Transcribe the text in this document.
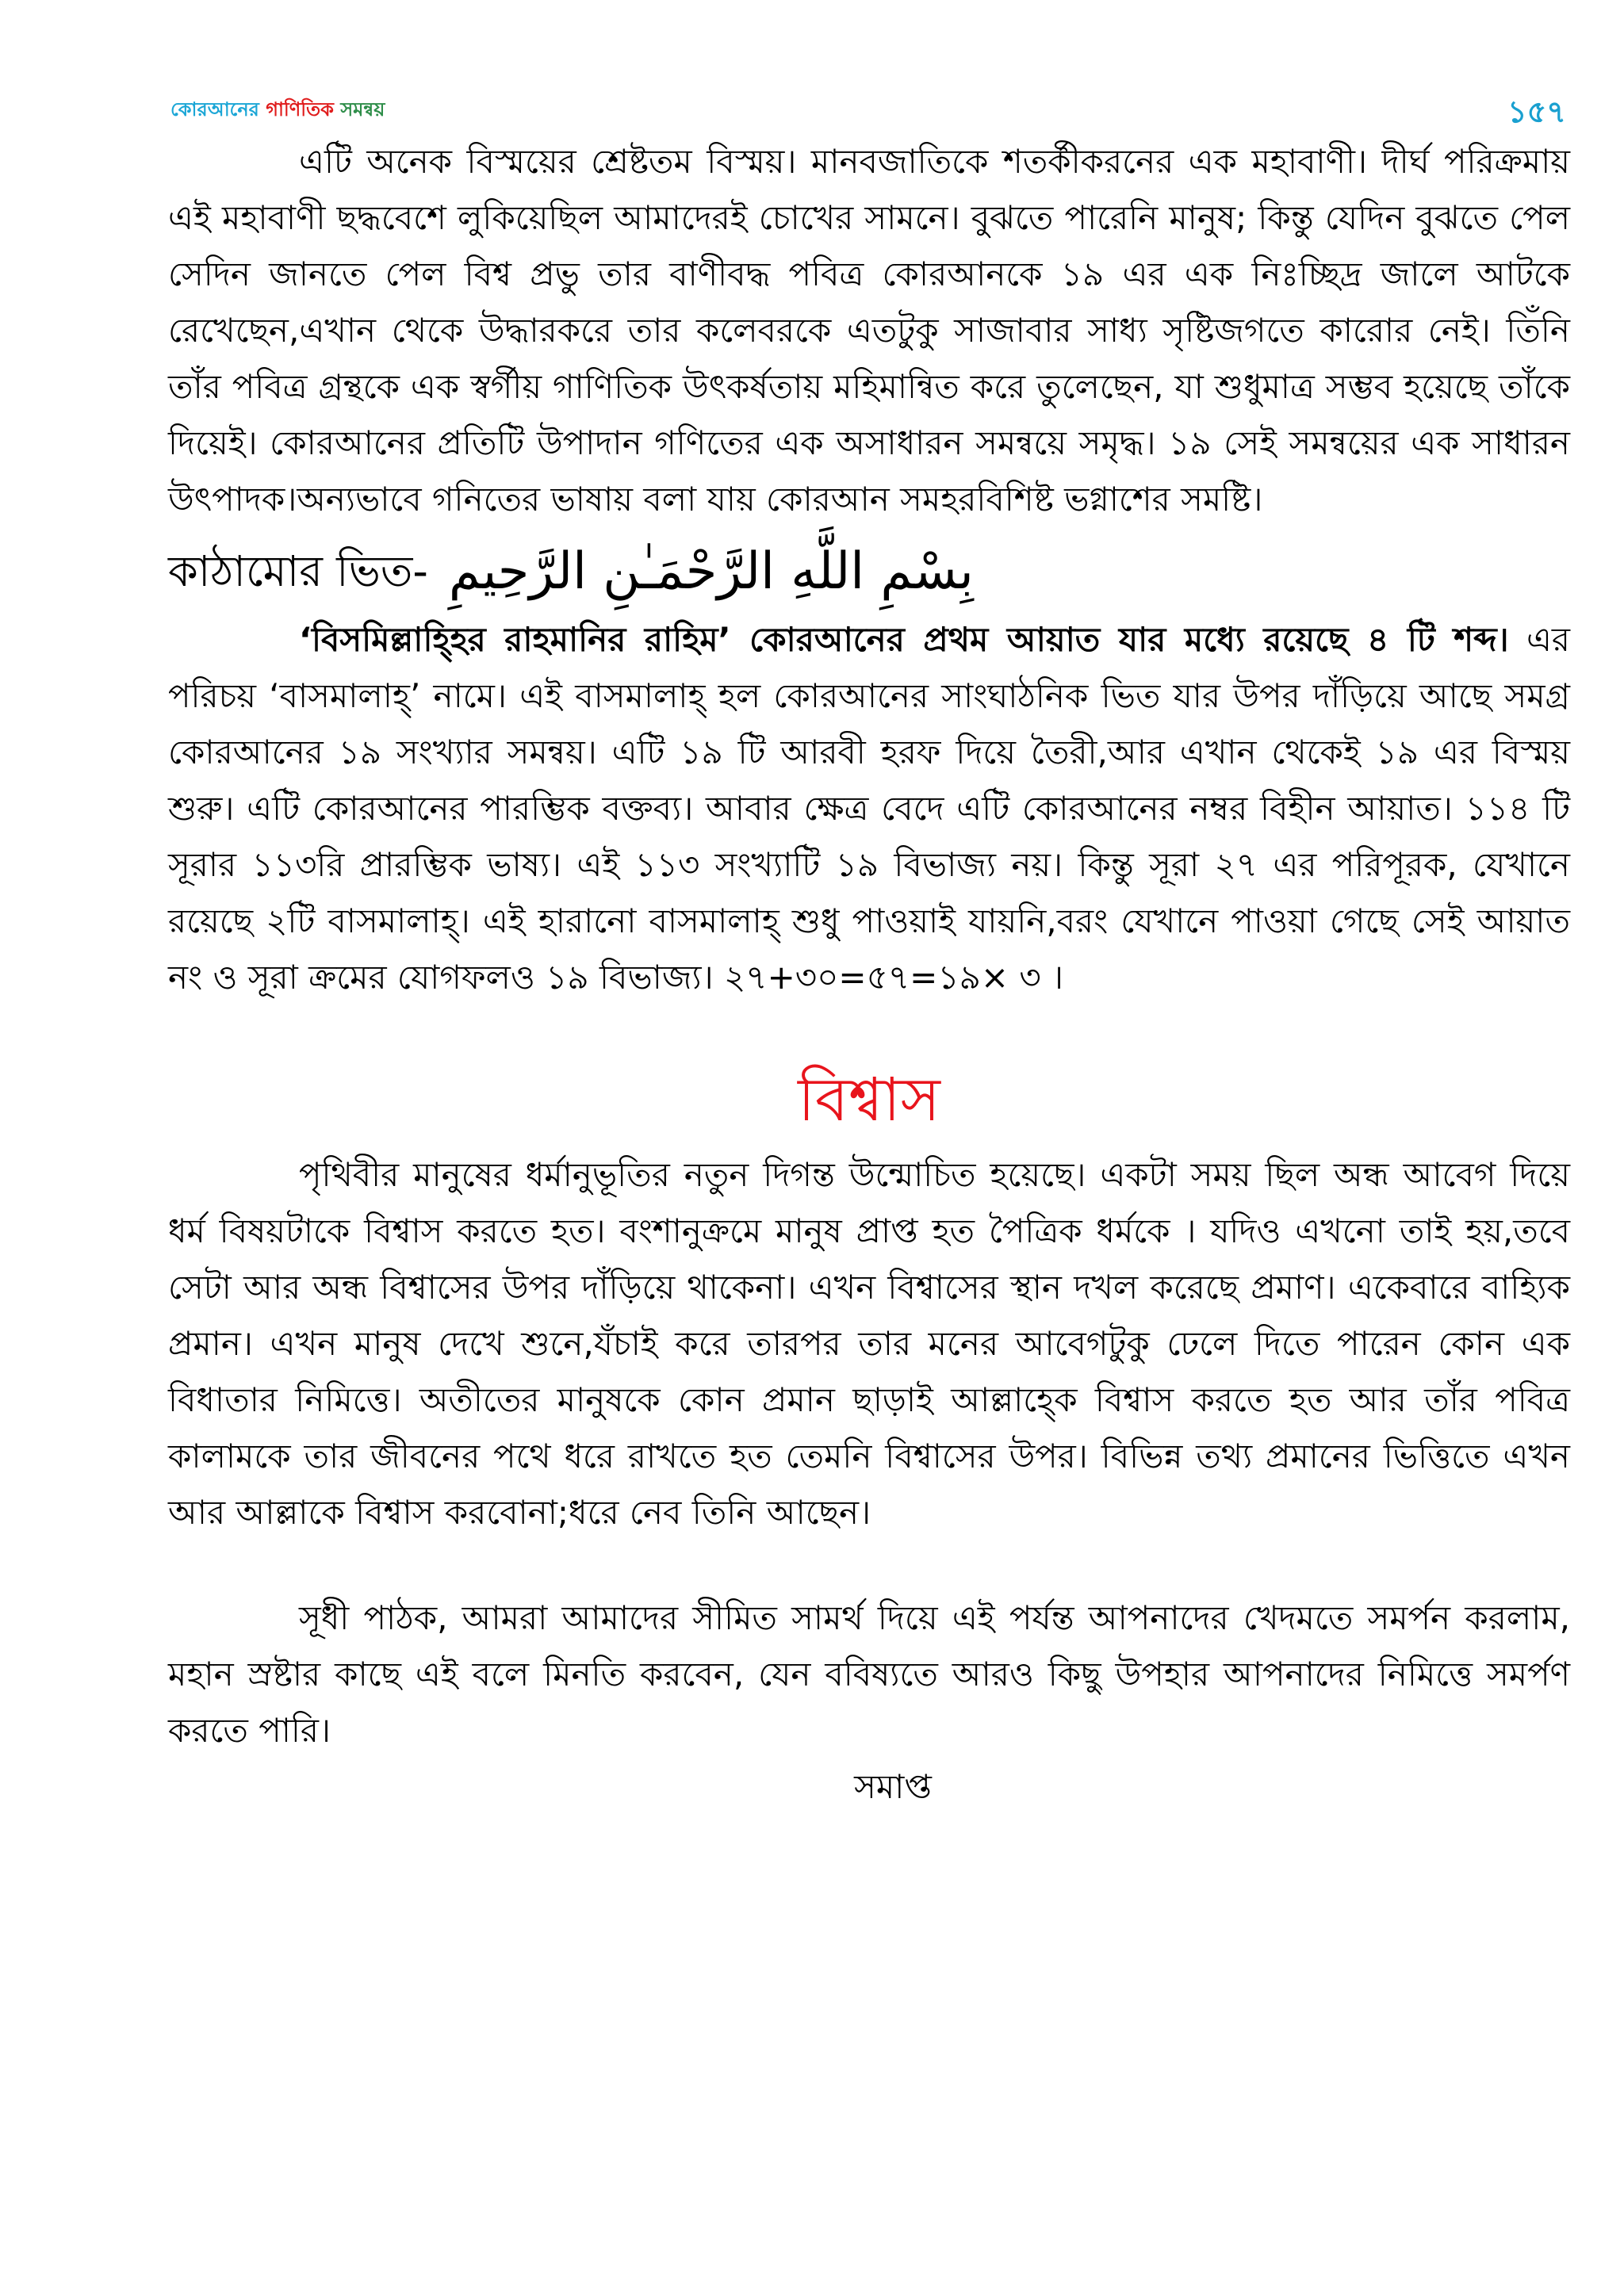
কোরআনের গাণিতিক সমন্বয়	১৫৭

এটি অনেক বিস্ময়ের শ্রেষ্টতম বিস্ময়। মানবজাতিকে শতর্কীকরনের এক মহাবাণী। দীর্ঘ পরিক্রমায় এই মহাবাণী ছদ্ধবেশে লুকিয়েছিল আমাদেরই চোখের সামনে। বুঝতে পারেনি মানুষ; কিন্তু যেদিন বুঝতে পেল সেদিন জানতে পেল বিশ্ব প্রভু তার বাণীবদ্ধ পবিত্র কোরআনকে ১৯ এর এক নিঃচ্ছিদ্র জালে আটকে রেখেছেন,এখান থেকে উদ্ধারকরে তার কলেবরকে এতটুকু সাজাবার সাধ্য সৃষ্টিজগতে কারোর নেই। তিঁনি তাঁর পবিত্র গ্রন্থকে এক স্বর্গীয় গাণিতিক উৎকর্ষতায় মহিমান্বিত করে তুলেছেন, যা শুধুমাত্র সম্ভব হয়েছে তাঁকে দিয়েই। কোরআনের প্রতিটি উপাদান গণিতের এক অসাধারন সমন্বয়ে সমৃদ্ধ। ১৯ সেই সমন্বয়ের এক সাধারন উৎপাদক।অন্যভাবে গনিতের ভাষায় বলা যায় কোরআন সমহরবিশিষ্ট ভগ্নাশের সমষ্টি।

কাঠামোর ভিত- بِسْمِ اللَّهِ الرَّحْمَـٰنِ الرَّحِيمِ

‘বিসমিল্লাহ্হির রাহমানির রাহিম’ কোরআনের প্রথম আয়াত যার মধ্যে রয়েছে ৪ টি শব্দ। এর পরিচয় ‘বাসমালাহ্’ নামে। এই বাসমালাহ্ হল কোরআনের সাংঘাঠনিক ভিত যার উপর দাঁড়িয়ে আছে সমগ্র কোরআনের ১৯ সংখ্যার সমন্বয়। এটি ১৯ টি আরবী হরফ দিয়ে তৈরী,আর এখান থেকেই ১৯ এর বিস্ময় শুরু। এটি কোরআনের পারম্ভিক বক্তব্য। আবার ক্ষেত্র বেদে এটি কোরআনের নম্বর বিহীন আয়াত। ১১৪ টি সূরার ১১৩রি প্রারম্ভিক ভাষ্য। এই ১১৩ সংখ্যাটি ১৯ বিভাজ্য নয়। কিন্তু সূরা ২৭ এর পরিপূরক, যেখানে রয়েছে ২টি বাসমালাহ্। এই হারানো বাসমালাহ্ শুধু পাওয়াই যায়নি,বরং যেখানে পাওয়া গেছে সেই আয়াত নং ও সূরা ক্রমের যোগফলও ১৯ বিভাজ্য। ২৭+৩০=৫৭=১৯× ৩ ।

বিশ্বাস

পৃথিবীর মানুষের ধর্মানুভূতির নতুন দিগন্ত উন্মোচিত হয়েছে। একটা সময় ছিল অন্ধ আবেগ দিয়ে ধর্ম বিষয়টাকে বিশ্বাস করতে হত। বংশানুক্রমে মানুষ প্রাপ্ত হত পৈত্রিক ধর্মকে । যদিও এখনো তাই হয়,তবে সেটা আর অন্ধ বিশ্বাসের উপর দাঁড়িয়ে থাকেনা। এখন বিশ্বাসের স্থান দখল করেছে প্রমাণ। একেবারে বাহ্যিক প্রমান। এখন মানুষ দেখে শুনে,যঁচাই করে তারপর তার মনের আবেগটুকু ঢেলে দিতে পারেন কোন এক বিধাতার নিমিত্তে। অতীতের মানুষকে কোন প্রমান ছাড়াই আল্লাহ্কে বিশ্বাস করতে হত আর তাঁর পবিত্র কালামকে তার জীবনের পথে ধরে রাখতে হত তেমনি বিশ্বাসের উপর। বিভিন্ন তথ্য প্রমানের ভিত্তিতে এখন আর আল্লাকে বিশ্বাস করবোনা;ধরে নেব তিনি আছেন।

সূধী পাঠক, আমরা আমাদের সীমিত সামর্থ দিয়ে এই পর্যন্ত আপনাদের খেদমতে সমর্পন করলাম, মহান স্রষ্টার কাছে এই বলে মিনতি করবেন, যেন ববিষ্যতে আরও কিছু উপহার আপনাদের নিমিত্তে সমর্পণ করতে পারি।

সমাপ্ত
